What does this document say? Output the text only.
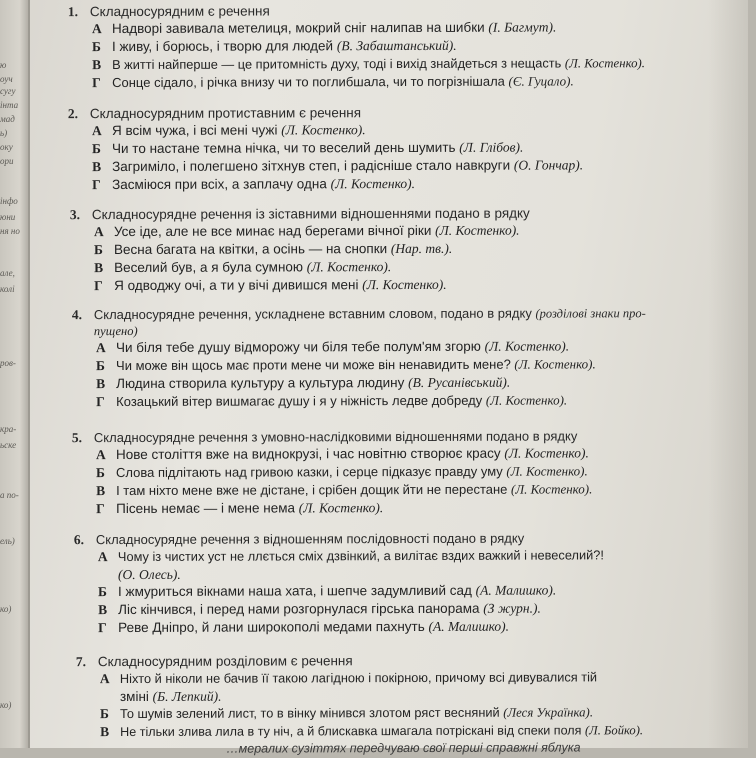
ю
оуч
сугу
інта
мад
ь)
оку
ори
інфо
юни
ня но
але,
колі
ров-
кра-
ьске
а по-
ель)
ко)
ко)
1. Складносурядним є речення
А Надворі завивала метелиця, мокрий сніг налипав на шибки (І. Багмут).
Б І живу, і борюсь, і творю для людей (В. Забаштанський).
В В житті найперше — це притомність духу, тоді і вихід знайдеться з нещасть (Л. Костенко).
Г Сонце сідало, і річка внизу чи то поглибшала, чи то погрізнішала (Є. Гуцало).
2. Складносурядним протиставним є речення
А Я всім чужа, і всі мені чужі (Л. Костенко).
Б Чи то настане темна нічка, чи то веселий день шумить (Л. Глібов).
В Загриміло, і полегшено зітхнув степ, і радісніше стало навкруги (О. Гончар).
Г Засміюся при всіх, а заплачу одна (Л. Костенко).
3. Складносурядне речення із зіставними відношеннями подано в рядку
А Усе іде, але не все минає над берегами вічної ріки (Л. Костенко).
Б Весна багата на квітки, а осінь — на снопки (Нар. тв.).
В Веселий був, а я була сумною (Л. Костенко).
Г Я одводжу очі, а ти у вічі дивишся мені (Л. Костенко).
4. Складносурядне речення, ускладнене вставним словом, подано в рядку (розділові знаки про-
пущено)
А Чи біля тебе душу відморожу чи біля тебе полум'ям згорю (Л. Костенко).
Б Чи може він щось має проти мене чи може він ненавидить мене? (Л. Костенко).
В Людина створила культуру а культура людину (В. Русанівський).
Г Козацький вітер вишмагає душу і я у ніжність ледве добреду (Л. Костенко).
5. Складносурядне речення з умовно-наслідковими відношеннями подано в рядку
А Нове століття вже на виднокрузі, і час новітню створює красу (Л. Костенко).
Б Слова підлітають над гривою казки, і серце підказує правду уму (Л. Костенко).
В І там ніхто мене вже не дістане, і срібен дощик йти не перестане (Л. Костенко).
Г Пісень немає — і мене нема (Л. Костенко).
6. Складносурядне речення з відношенням послідовності подано в рядку
А Чому із чистих уст не ллється сміх дзвінкий, а вилітає вздих важкий і невеселий?!
(О. Олесь).
Б І жмуриться вікнами наша хата, і шепче задумливий сад (А. Малишко).
В Ліс кінчився, і перед нами розгорнулася гірська панорама (З журн.).
Г Реве Дніпро, й лани широкополі медами пахнуть (А. Малишко).
7. Складносурядним розділовим є речення
А Ніхто й ніколи не бачив її такою лагідною і покірною, причому всі дивувалися тій
зміні (Б. Лепкий).
Б То шумів зелений лист, то в вінку мінився злотом ряст весняний (Леся Українка).
В Не тільки злива лила в ту ніч, а й блискавка шмагала потріскані від спеки поля (Л. Бойко).
…мералих сузіттях передчуваю свої перші справжні яблука
